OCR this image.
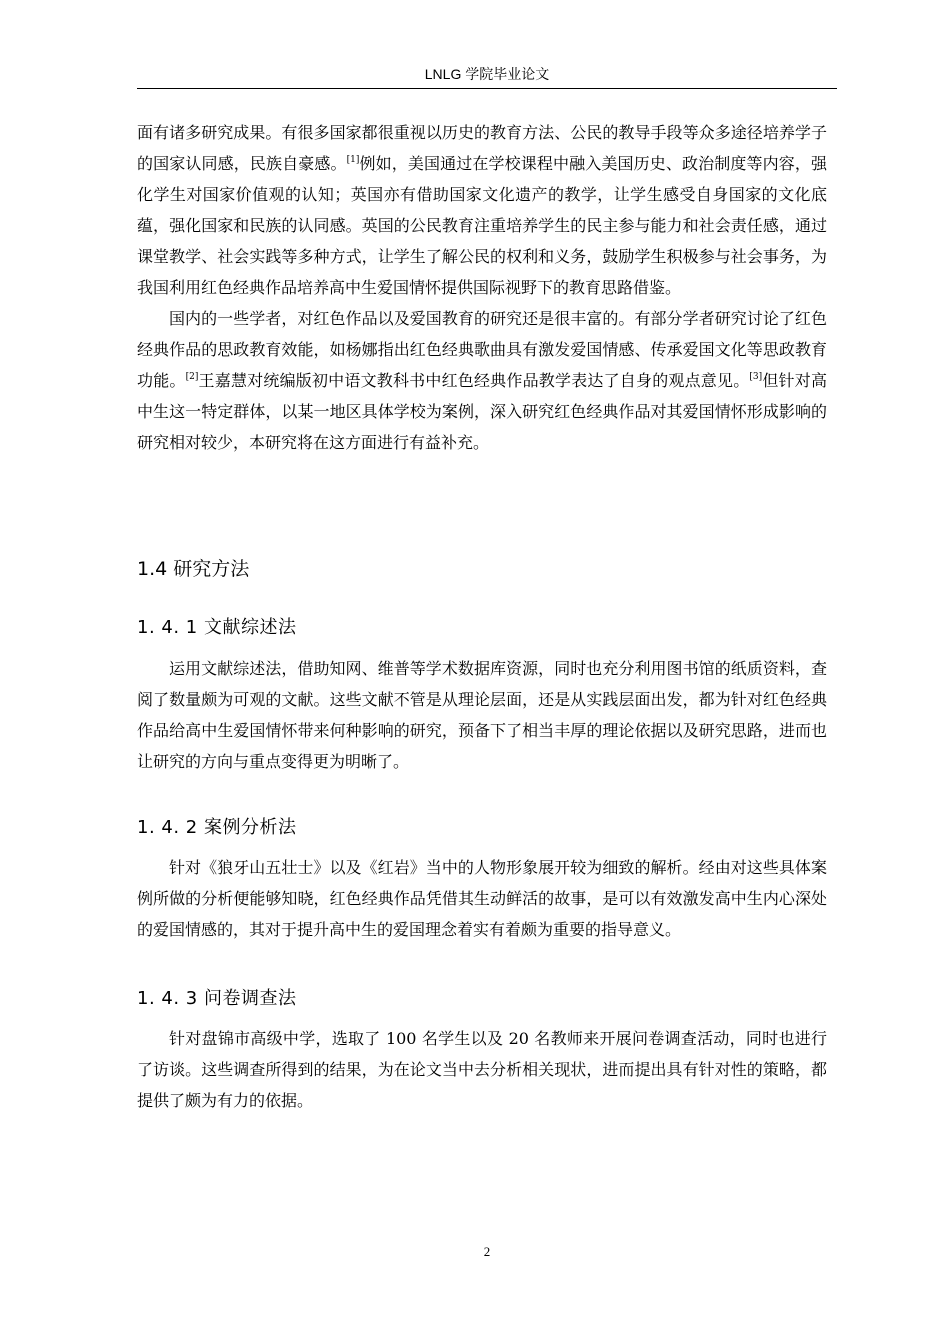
LNLG 学院毕业论文

面有诸多研究成果。有很多国家都很重视以历史的教育方法、公民的教导手段等众多途径培养学子的国家认同感，民族自豪感。[1]例如，美国通过在学校课程中融入美国历史、政治制度等内容，强化学生对国家价值观的认知；英国亦有借助国家文化遗产的教学，让学生感受自身国家的文化底蕴，强化国家和民族的认同感。英国的公民教育注重培养学生的民主参与能力和社会责任感，通过课堂教学、社会实践等多种方式，让学生了解公民的权利和义务，鼓励学生积极参与社会事务，为我国利用红色经典作品培养高中生爱国情怀提供国际视野下的教育思路借鉴。

国内的一些学者，对红色作品以及爱国教育的研究还是很丰富的。有部分学者研究讨论了红色经典作品的思政教育效能，如杨娜指出红色经典歌曲具有激发爱国情感、传承爱国文化等思政教育功能。[2]王嘉慧对统编版初中语文教科书中红色经典作品教学表达了自身的观点意见。[3]但针对高中生这一特定群体，以某一地区具体学校为案例，深入研究红色经典作品对其爱国情怀形成影响的研究相对较少，本研究将在这方面进行有益补充。

1.4 研究方法
1. 4. 1 文献综述法

运用文献综述法，借助知网、维普等学术数据库资源，同时也充分利用图书馆的纸质资料，查阅了数量颇为可观的文献。这些文献不管是从理论层面，还是从实践层面出发，都为针对红色经典作品给高中生爱国情怀带来何种影响的研究，预备下了相当丰厚的理论依据以及研究思路，进而也让研究的方向与重点变得更为明晰了。

1. 4. 2 案例分析法

针对《狼牙山五壮士》以及《红岩》当中的人物形象展开较为细致的解析。经由对这些具体案例所做的分析便能够知晓，红色经典作品凭借其生动鲜活的故事，是可以有效激发高中生内心深处的爱国情感的，其对于提升高中生的爱国理念着实有着颇为重要的指导意义。

1. 4. 3 问卷调查法

针对盘锦市高级中学，选取了 100 名学生以及 20 名教师来开展问卷调查活动，同时也进行了访谈。这些调查所得到的结果，为在论文当中去分析相关现状，进而提出具有针对性的策略，都提供了颇为有力的依据。

2
